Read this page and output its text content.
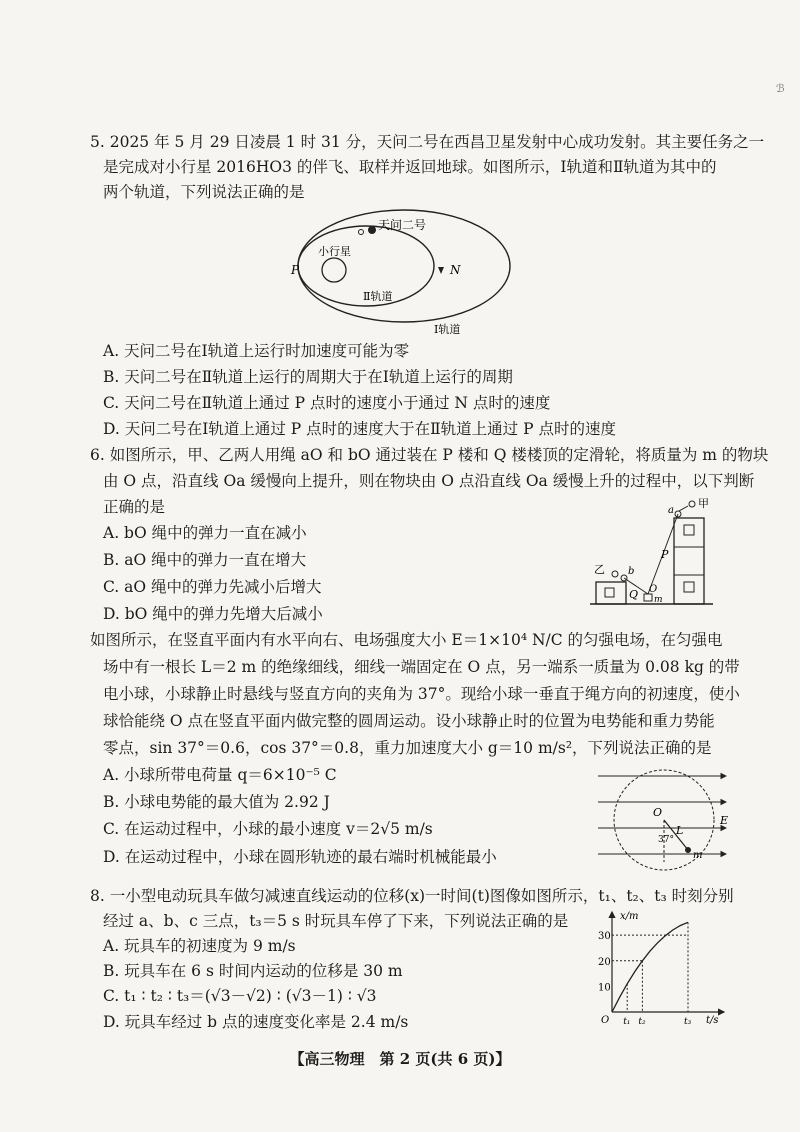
5. 2025 年 5 月 29 日凌晨 1 时 31 分，天问二号在西昌卫星发射中心成功发射。其主要任务之一
是完成对小行星 2016HO3 的伴飞、取样并返回地球。如图所示，Ⅰ轨道和Ⅱ轨道为其中的
两个轨道，下列说法正确的是
天问二号
小行星
P	N
Ⅱ轨道
Ⅰ轨道
A. 天问二号在Ⅰ轨道上运行时加速度可能为零
B. 天问二号在Ⅱ轨道上运行的周期大于在Ⅰ轨道上运行的周期
C. 天问二号在Ⅱ轨道上通过 P 点时的速度小于通过 N 点时的速度
D. 天问二号在Ⅰ轨道上通过 P 点时的速度大于在Ⅱ轨道上通过 P 点时的速度
6. 如图所示，甲、乙两人用绳 aO 和 bO 通过装在 P 楼和 Q 楼楼顶的定滑轮，将质量为 m 的物块
由 O 点，沿直线 Oa 缓慢向上提升，则在物块由 O 点沿直线 Oa 缓慢上升的过程中，以下判断
正确的是
A. bO 绳中的弹力一直在减小
B. aO 绳中的弹力一直在增大
C. aO 绳中的弹力先减小后增大
D. bO 绳中的弹力先增大后减小
甲
乙
a
b
P
Q O
m
如图所示，在竖直平面内有水平向右、电场强度大小 E＝1×10⁴ N/C 的匀强电场，在匀强电
场中有一根长 L＝2 m 的绝缘细线，细线一端固定在 O 点，另一端系一质量为 0.08 kg 的带
电小球，小球静止时悬线与竖直方向的夹角为 37°。现给小球一垂直于绳方向的初速度，使小
球恰能绕 O 点在竖直平面内做完整的圆周运动。设小球静止时的位置为电势能和重力势能
零点，sin 37°＝0.6，cos 37°＝0.8，重力加速度大小 g＝10 m/s²，下列说法正确的是
A. 小球所带电荷量 q＝6×10⁻⁵ C
B. 小球电势能的最大值为 2.92 J
C. 在运动过程中，小球的最小速度 v＝2√5 m/s
D. 在运动过程中，小球在圆形轨迹的最右端时机械能最小
O
L
37°
E
m
8. 一小型电动玩具车做匀减速直线运动的位移(x)一时间(t)图像如图所示，t₁、t₂、t₃ 时刻分别
经过 a、b、c 三点，t₃＝5 s 时玩具车停了下来，下列说法正确的是
A. 玩具车的初速度为 9 m/s
B. 玩具车在 6 s 时间内运动的位移是 30 m
C. t₁ ∶ t₂ ∶ t₃＝(√3－√2) ∶ (√3－1) ∶ √3
D. 玩具车经过 b 点的速度变化率是 2.4 m/s
x/m
t/s
O
10
20
30
t₁ t₂	t₃
【高三物理　第 2 页(共 6 页)】
ℬ
